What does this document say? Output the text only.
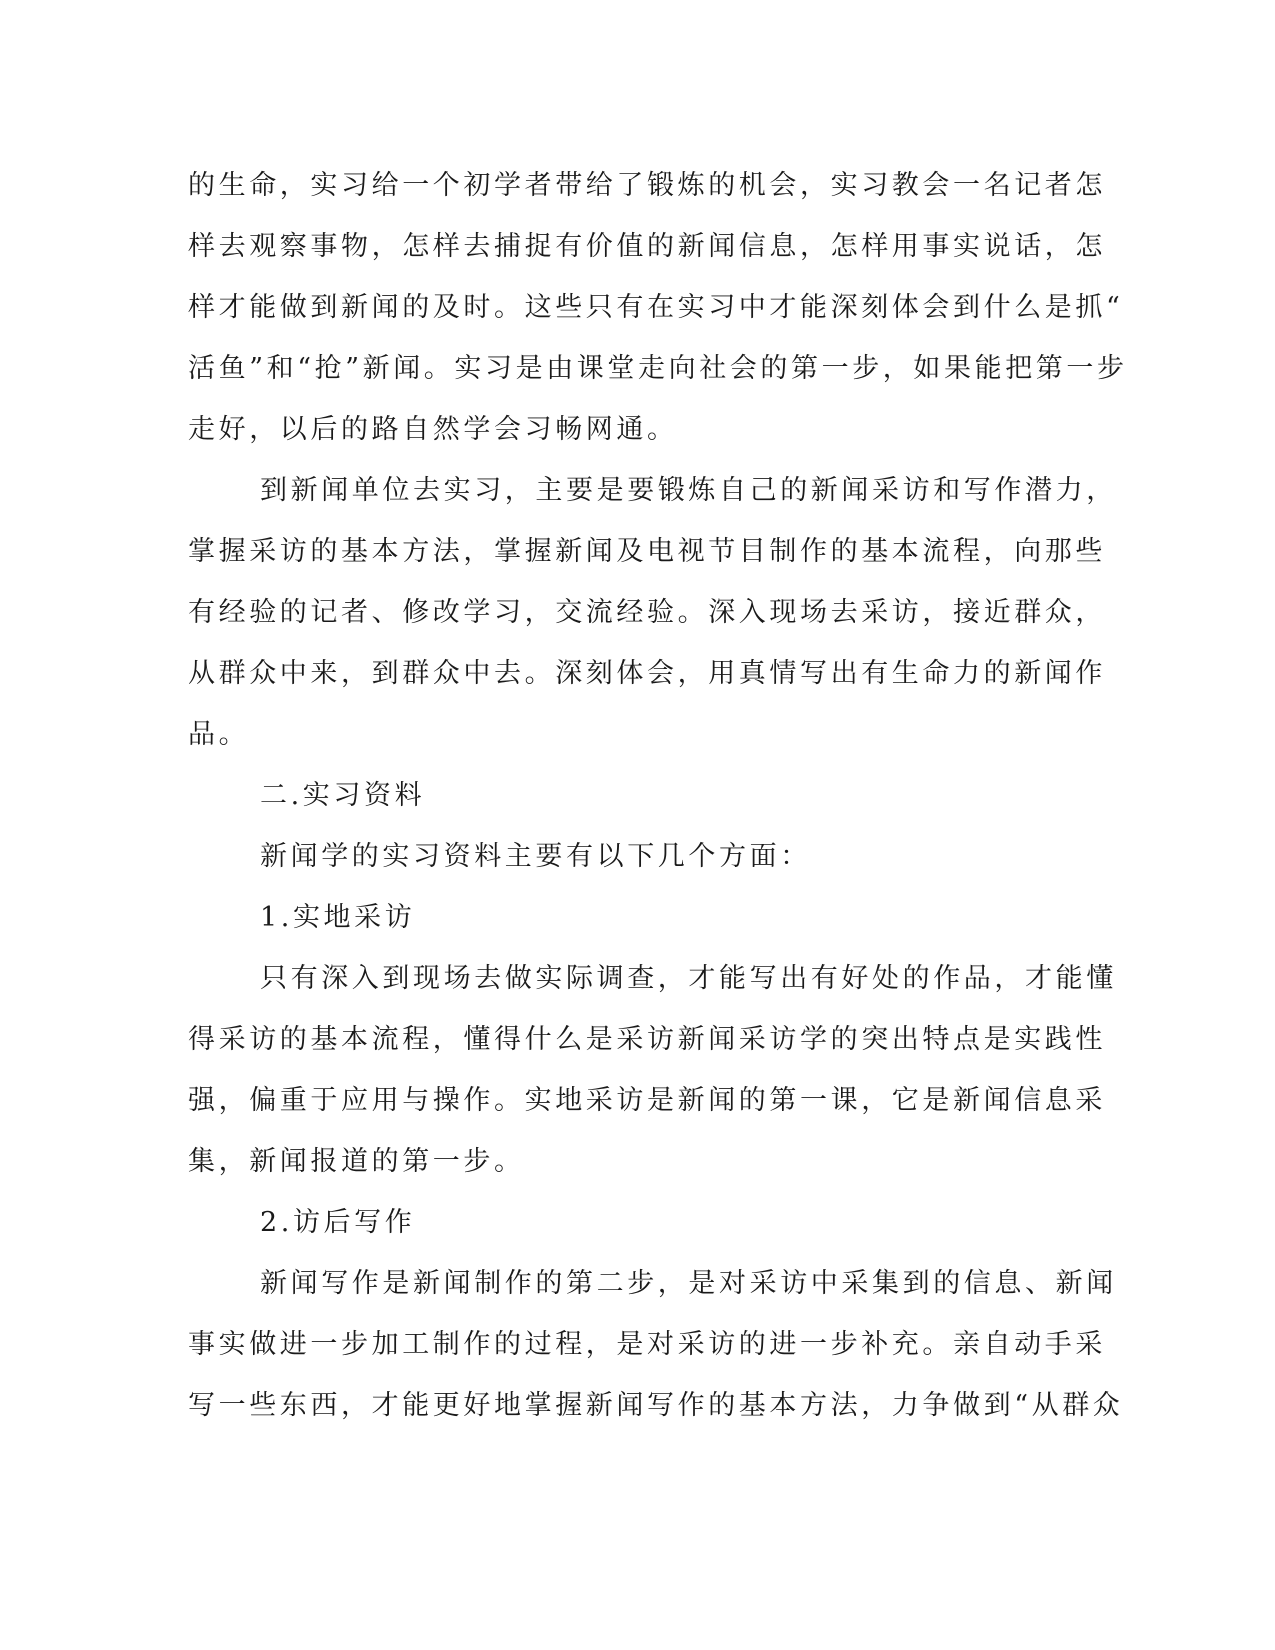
的生命，实习给一个初学者带给了锻炼的机会，实习教会一名记者怎
样去观察事物，怎样去捕捉有价值的新闻信息，怎样用事实说话，怎
样才能做到新闻的及时。这些只有在实习中才能深刻体会到什么是抓“
活鱼”和“抢”新闻。实习是由课堂走向社会的第一步，如果能把第一步
走好，以后的路自然学会习畅网通。
到新闻单位去实习，主要是要锻炼自己的新闻采访和写作潜力，
掌握采访的基本方法，掌握新闻及电视节目制作的基本流程，向那些
有经验的记者、修改学习，交流经验。深入现场去采访，接近群众，
从群众中来，到群众中去。深刻体会，用真情写出有生命力的新闻作
品。
二.实习资料
新闻学的实习资料主要有以下几个方面：
1.实地采访
只有深入到现场去做实际调查，才能写出有好处的作品，才能懂
得采访的基本流程，懂得什么是采访新闻采访学的突出特点是实践性
强，偏重于应用与操作。实地采访是新闻的第一课，它是新闻信息采
集，新闻报道的第一步。
2.访后写作
新闻写作是新闻制作的第二步，是对采访中采集到的信息、新闻
事实做进一步加工制作的过程，是对采访的进一步补充。亲自动手采
写一些东西，才能更好地掌握新闻写作的基本方法，力争做到“从群众
